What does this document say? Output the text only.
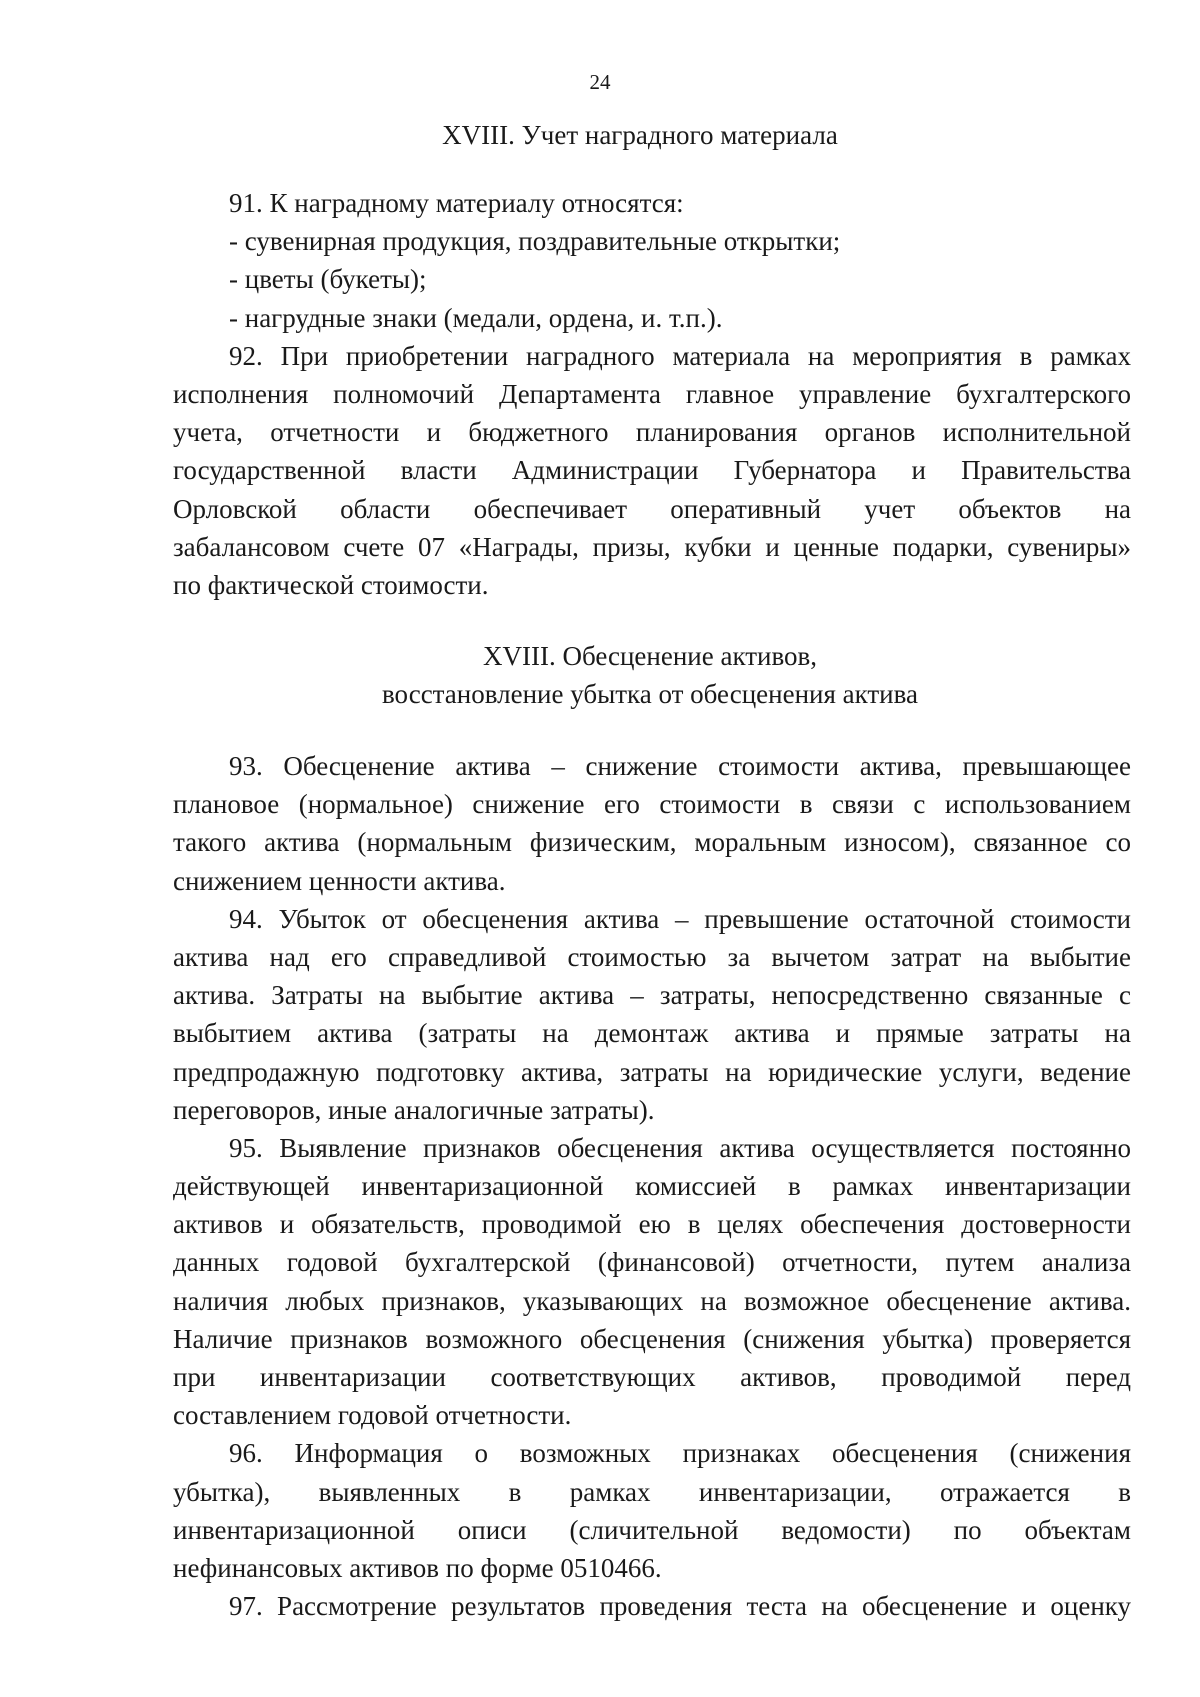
24
XVIII. Учет наградного материала
91. К наградному материалу относятся:
- сувенирная продукция, поздравительные открытки;
- цветы (букеты);
- нагрудные знаки (медали, ордена, и. т.п.).
92. При приобретении наградного материала на мероприятия в рамках
исполнения полномочий Департамента главное управление бухгалтерского
учета, отчетности и бюджетного планирования органов исполнительной
государственной власти Администрации Губернатора и Правительства
Орловской области обеспечивает оперативный учет объектов на
забалансовом счете 07 «Награды, призы, кубки и ценные подарки, сувениры»
по фактической стоимости.
XVIII. Обесценение активов,
восстановление убытка от обесценения актива
93. Обесценение актива – снижение стоимости актива, превышающее
плановое (нормальное) снижение его стоимости в связи с использованием
такого актива (нормальным физическим, моральным износом), связанное со
снижением ценности актива.
94. Убыток от обесценения актива – превышение остаточной стоимости
актива над его справедливой стоимостью за вычетом затрат на выбытие
актива. Затраты на выбытие актива – затраты, непосредственно связанные с
выбытием актива (затраты на демонтаж актива и прямые затраты на
предпродажную подготовку актива, затраты на юридические услуги, ведение
переговоров, иные аналогичные затраты).
95. Выявление признаков обесценения актива осуществляется постоянно
действующей инвентаризационной комиссией в рамках инвентаризации
активов и обязательств, проводимой ею в целях обеспечения достоверности
данных годовой бухгалтерской (финансовой) отчетности, путем анализа
наличия любых признаков, указывающих на возможное обесценение актива.
Наличие признаков возможного обесценения (снижения убытка) проверяется
при инвентаризации соответствующих активов, проводимой перед
составлением годовой отчетности.
96. Информация о возможных признаках обесценения (снижения
убытка), выявленных в рамках инвентаризации, отражается в
инвентаризационной описи (сличительной ведомости) по объектам
нефинансовых активов по форме 0510466.
97. Рассмотрение результатов проведения теста на обесценение и оценку
